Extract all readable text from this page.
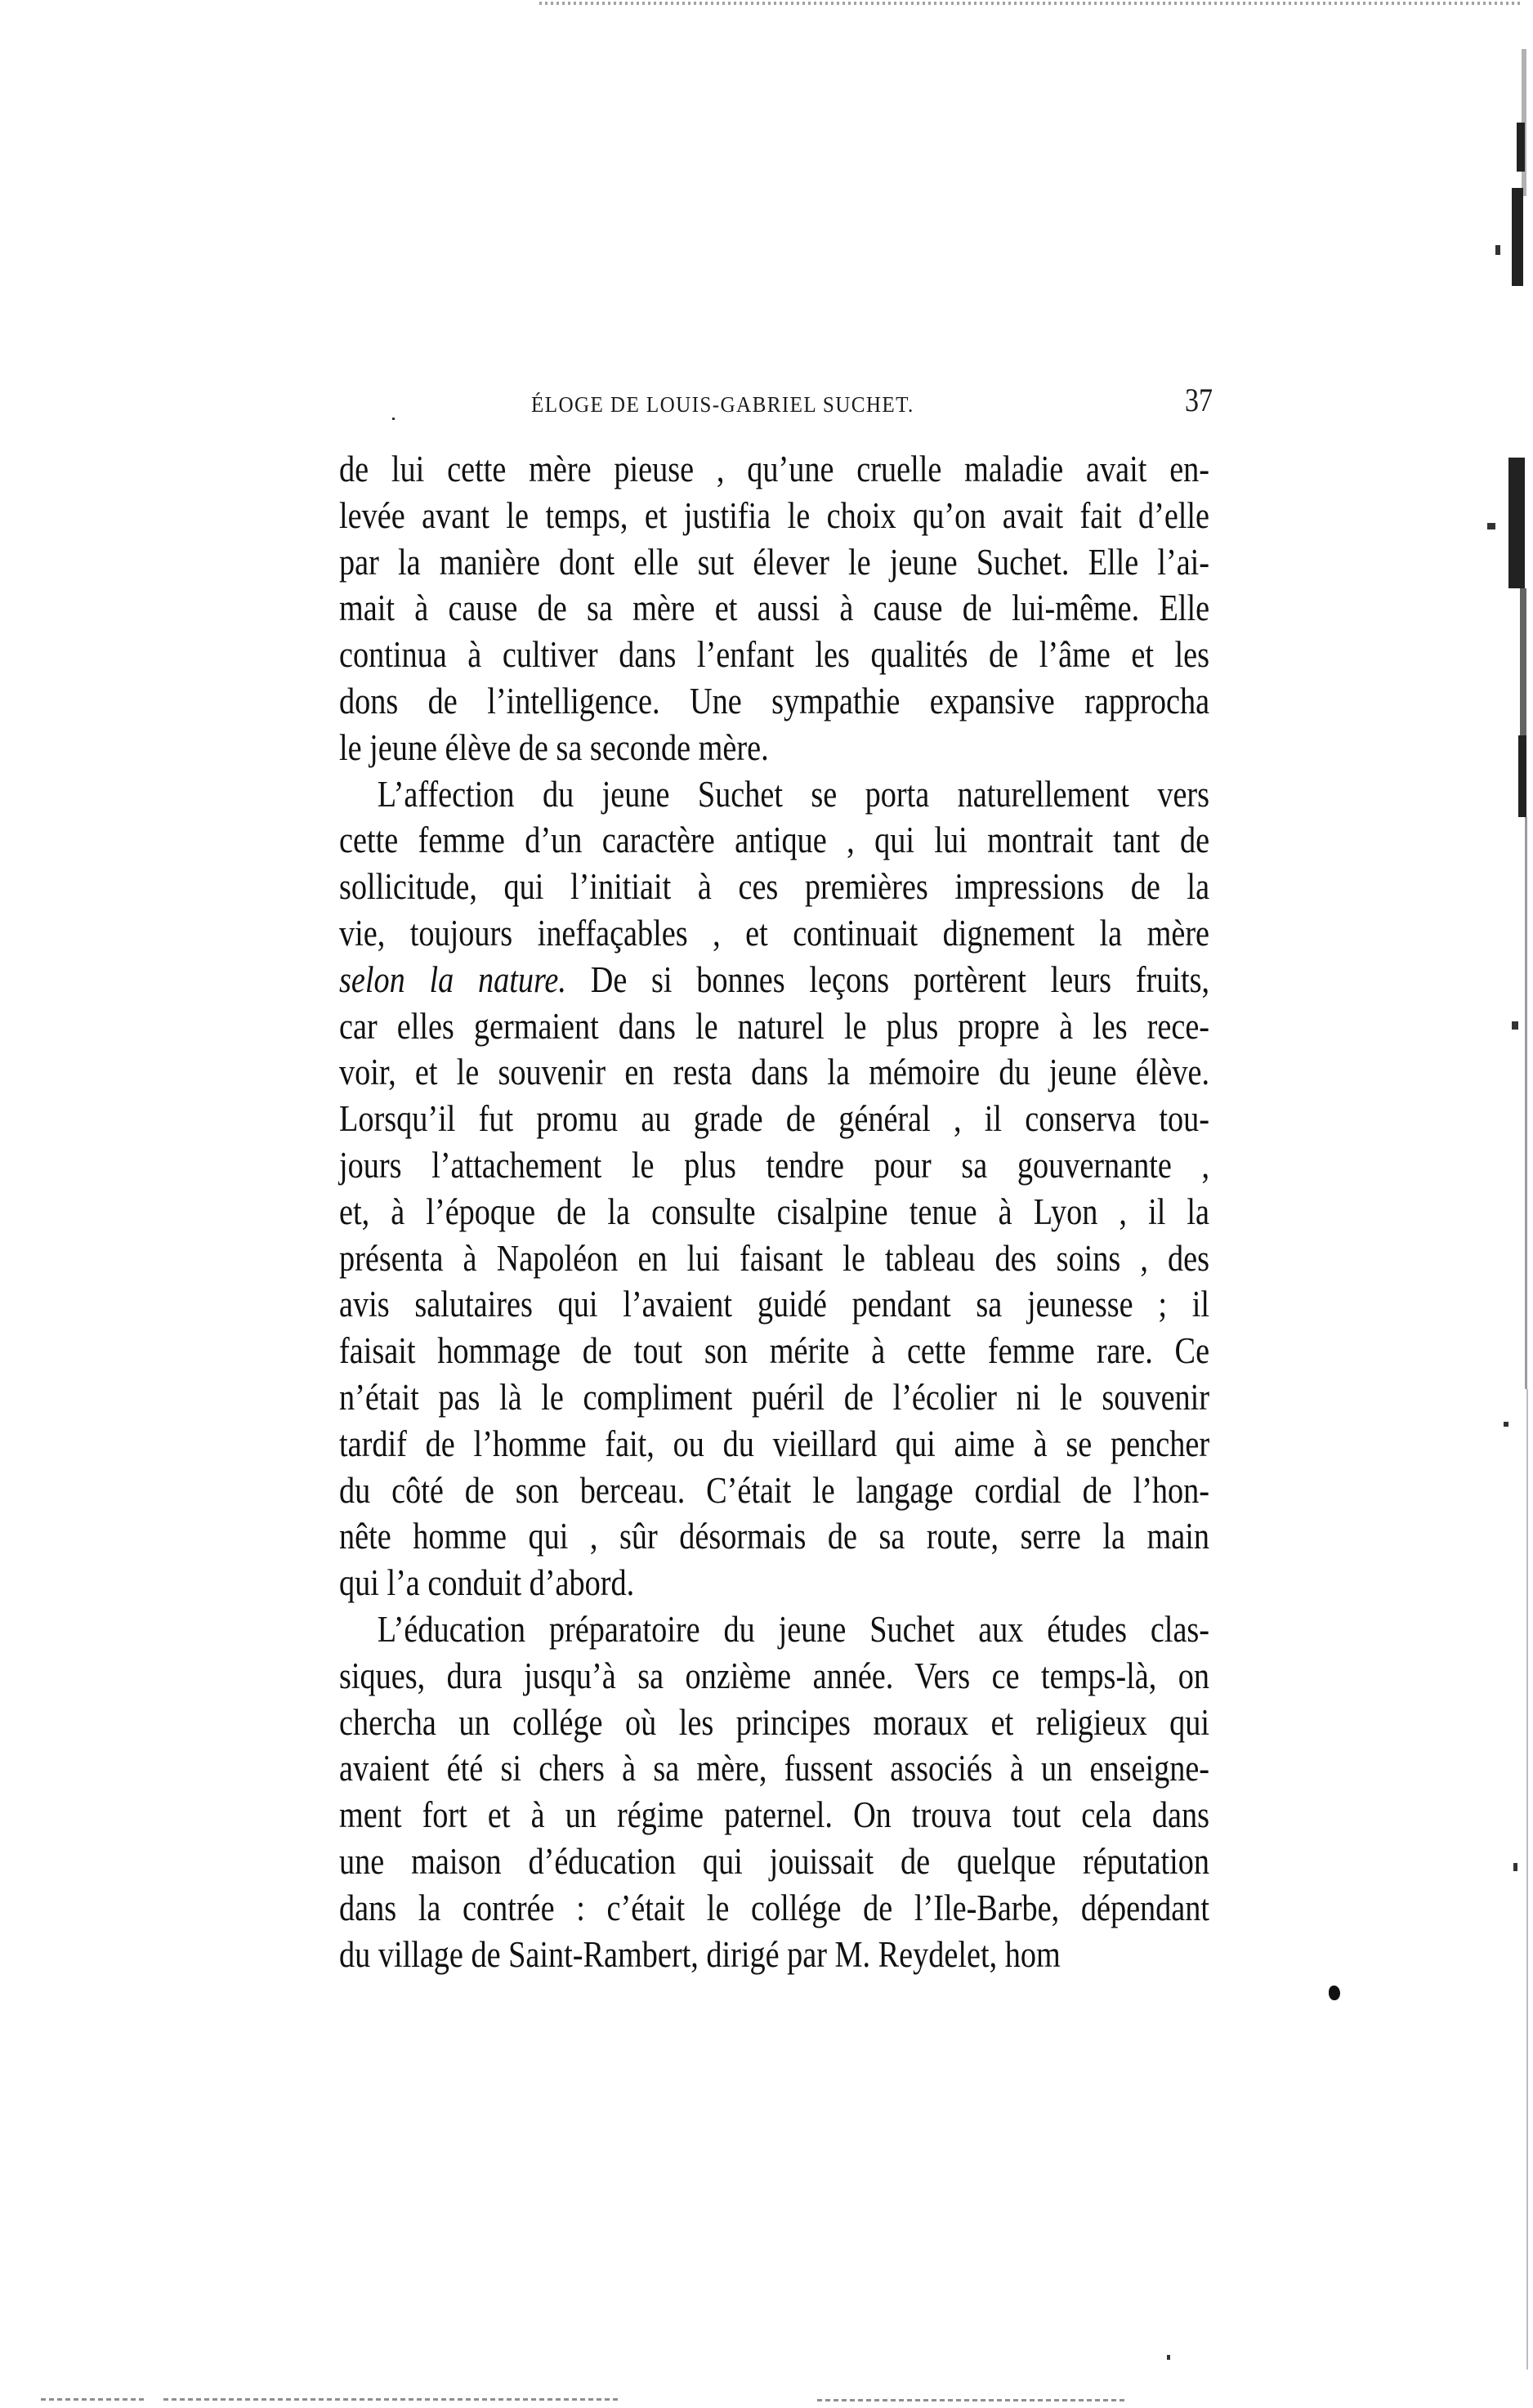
ÉLOGE DE LOUIS-GABRIEL SUCHET.	37
de lui cette mère pieuse , qu’une cruelle maladie avait en-
levée avant le temps, et justifia le choix qu’on avait fait d’elle
par la manière dont elle sut élever le jeune Suchet. Elle l’ai-
mait à cause de sa mère et aussi à cause de lui-même. Elle
continua à cultiver dans l’enfant les qualités de l’âme et les
dons de l’intelligence. Une sympathie expansive rapprocha
le jeune élève de sa seconde mère.
L’affection du jeune Suchet se porta naturellement vers
cette femme d’un caractère antique , qui lui montrait tant de
sollicitude, qui l’initiait à ces premières impressions de la
vie, toujours ineffaçables , et continuait dignement la mère
selon la nature. De si bonnes leçons portèrent leurs fruits,
car elles germaient dans le naturel le plus propre à les rece-
voir, et le souvenir en resta dans la mémoire du jeune élève.
Lorsqu’il fut promu au grade de général , il conserva tou-
jours l’attachement le plus tendre pour sa gouvernante ,
et, à l’époque de la consulte cisalpine tenue à Lyon , il la
présenta à Napoléon en lui faisant le tableau des soins , des
avis salutaires qui l’avaient guidé pendant sa jeunesse ; il
faisait hommage de tout son mérite à cette femme rare. Ce
n’était pas là le compliment puéril de l’écolier ni le souvenir
tardif de l’homme fait, ou du vieillard qui aime à se pencher
du côté de son berceau. C’était le langage cordial de l’hon-
nête homme qui , sûr désormais de sa route, serre la main
qui l’a conduit d’abord.
L’éducation préparatoire du jeune Suchet aux études clas-
siques, dura jusqu’à sa onzième année. Vers ce temps-là, on
chercha un collége où les principes moraux et religieux qui
avaient été si chers à sa mère, fussent associés à un enseigne-
ment fort et à un régime paternel. On trouva tout cela dans
une maison d’éducation qui jouissait de quelque réputation
dans la contrée : c’était le collége de l’Ile-Barbe, dépendant
du village de Saint-Rambert, dirigé par M. Reydelet, hom
